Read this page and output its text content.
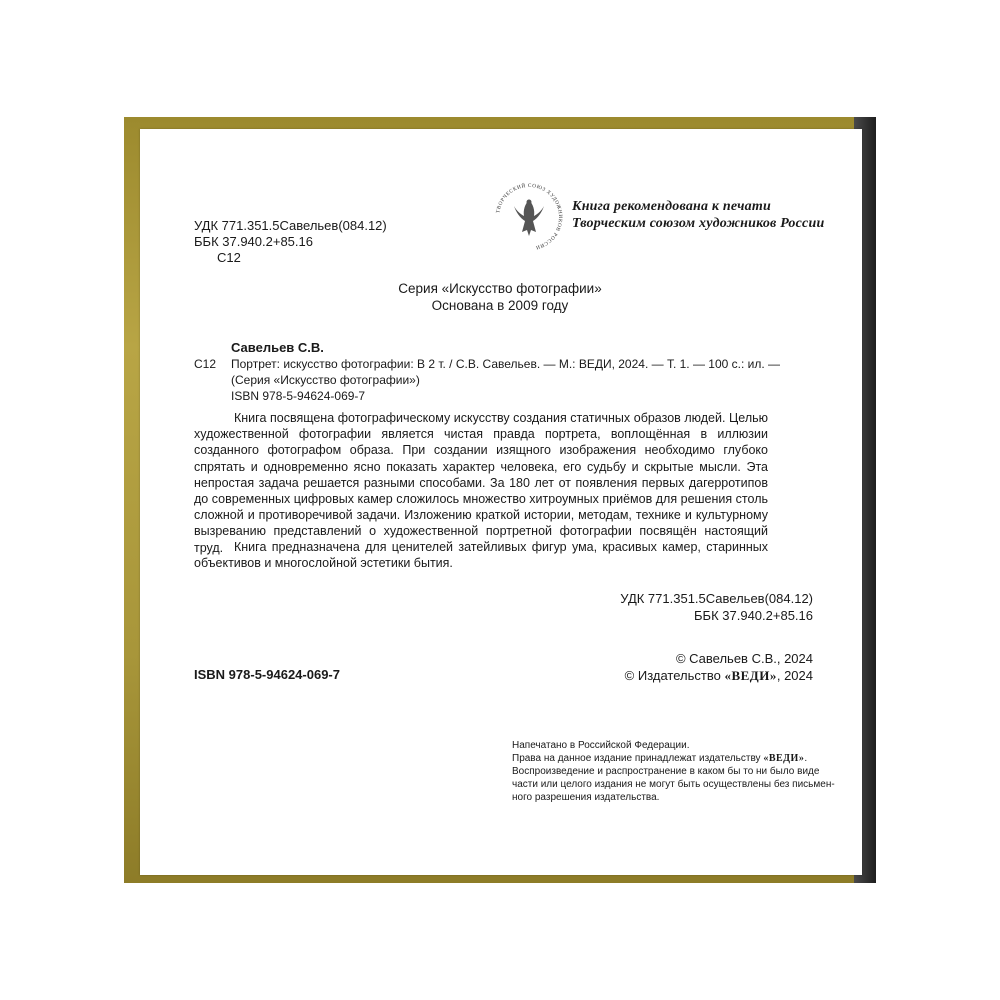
ТВОРЧЕСКИЙ СОЮЗ ХУДОЖНИКОВ РОССИИ
Книга рекомендована к печати
Творческим союзом художников России
УДК 771.351.5Савельев(084.12)
ББК 37.940.2+85.16
С12
Серия «Искусство фотографии»
Основана в 2009 году
Савельев С.В.
С12 Портрет: искусство фотографии: В 2 т. / С.В. Савельев. — М.: ВЕДИ, 2024. — Т. 1. — 100 с.: ил. —
(Серия «Искусство фотографии»)
ISBN 978-5-94624-069-7
Книга посвящена фотографическому искусству создания статичных образов людей. Целью художественной фотографии является чистая правда портрета, воплощённая в иллюзии созданного фотографом образа. При создании изящного изображения необходимо глубоко спрятать и одновременно ясно показать характер человека, его судьбу и скрытые мысли. Эта непростая задача решается разными способами. За 180 лет от появления первых дагерротипов до современных цифровых камер сложилось множество хитроумных приёмов для решения столь сложной и противоречивой задачи. Изложению краткой истории, методам, технике и культурному вызреванию представлений о художественной портретной фотографии посвящён настоящий труд. Книга предназначена для ценителей затейливых фигур ума, красивых камер, старинных объективов и многослойной эстетики бытия.
УДК 771.351.5Савельев(084.12)
ББК 37.940.2+85.16
ISBN 978-5-94624-069-7
© Савельев С.В., 2024
© Издательство «ВЕДИ», 2024
Напечатано в Российской Федерации.
Права на данное издание принадлежат издательству «ВЕДИ».
Воспроизведение и распространение в каком бы то ни было виде
части или целого издания не могут быть осуществлены без письмен-
ного разрешения издательства.
